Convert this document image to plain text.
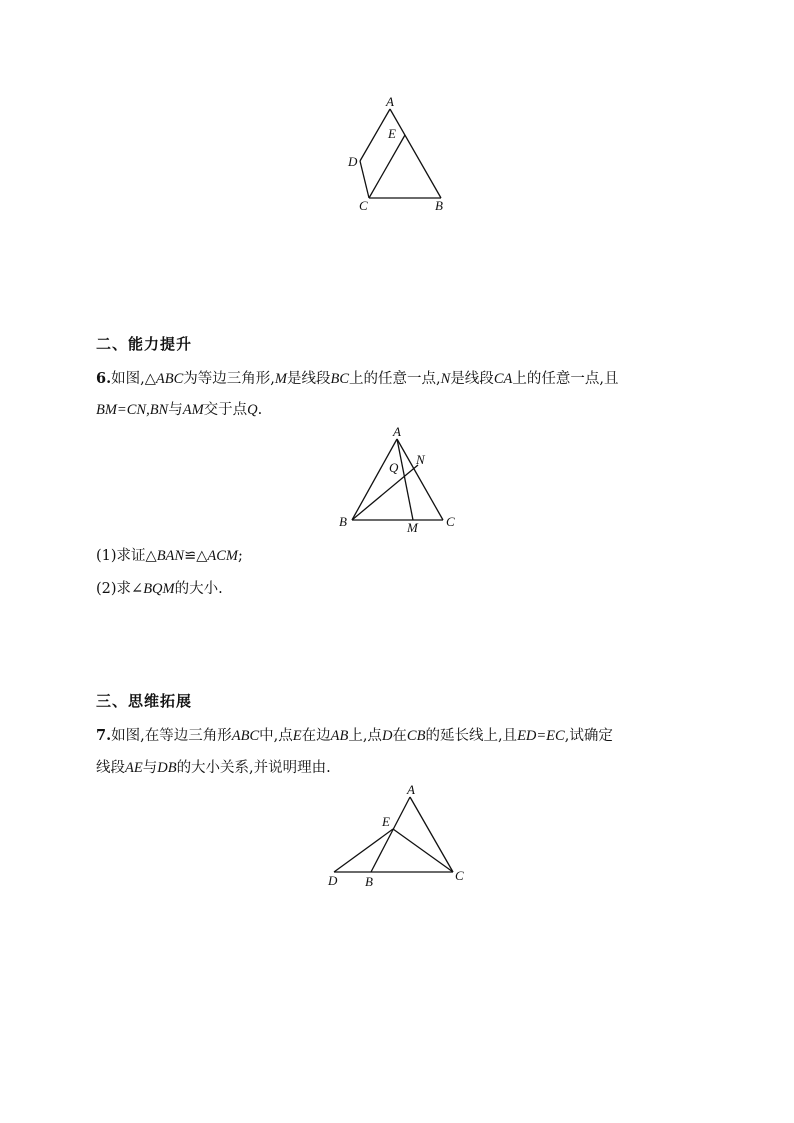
A
E
D
C	B
二、能力提升
6.如图,△ABC为等边三角形,M是线段BC上的任意一点,N是线段CA上的任意一点,且
BM=CN,BN与AM交于点Q.
A
Q
N
B	M C
(1)求证△BAN≌△ACM;
(2)求∠BQM的大小.
三、思维拓展
7.如图,在等边三角形ABC中,点E在边AB上,点D在CB的延长线上,且ED=EC,试确定
线段AE与DB的大小关系,并说明理由.
A
E
D B	C
